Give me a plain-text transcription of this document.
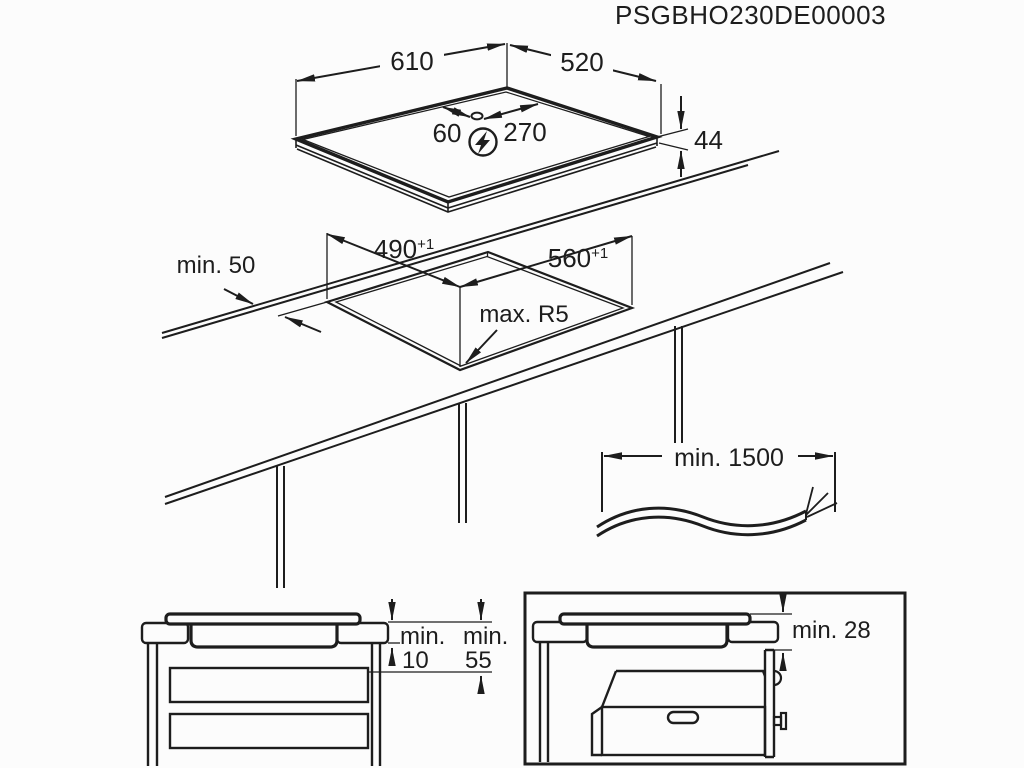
PSGBHO230DE00003
610	520
60 270	44
$490^{+1}$	$560^{+1}$
min. 50
max. R5
min. 1500
min.
10
min.
55
min. 28
